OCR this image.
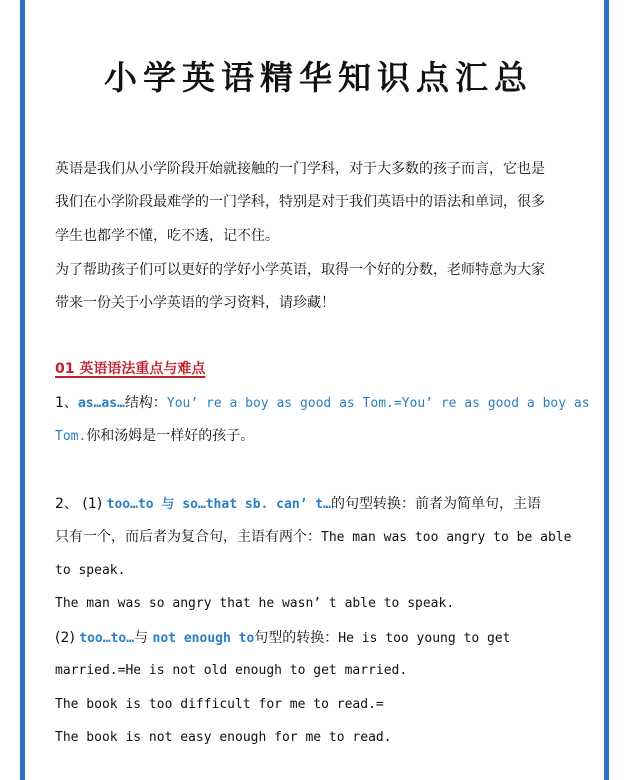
小学英语精华知识点汇总
英语是我们从小学阶段开始就接触的一门学科，对于大多数的孩子而言，它也是
我们在小学阶段最难学的一门学科，特别是对于我们英语中的语法和单词，很多
学生也都学不懂，吃不透，记不住。
为了帮助孩子们可以更好的学好小学英语，取得一个好的分数，老师特意为大家
带来一份关于小学英语的学习资料，请珍藏！
01 英语语法重点与难点
1、as…as…结构：You’ re a boy as good as Tom.=You’ re as good a boy as
Tom.你和汤姆是一样好的孩子。
2、 (1) too…to 与 so…that sb. can’ t…的句型转换：前者为简单句，主语
只有一个，而后者为复合句，主语有两个：The man was too angry to be able
to speak.
The man was so angry that he wasn’ t able to speak.
(2) too…to…与 not enough to句型的转换：He is too young to get
married.=He is not old enough to get married.
The book is too difficult for me to read.=
The book is not easy enough for me to read.
